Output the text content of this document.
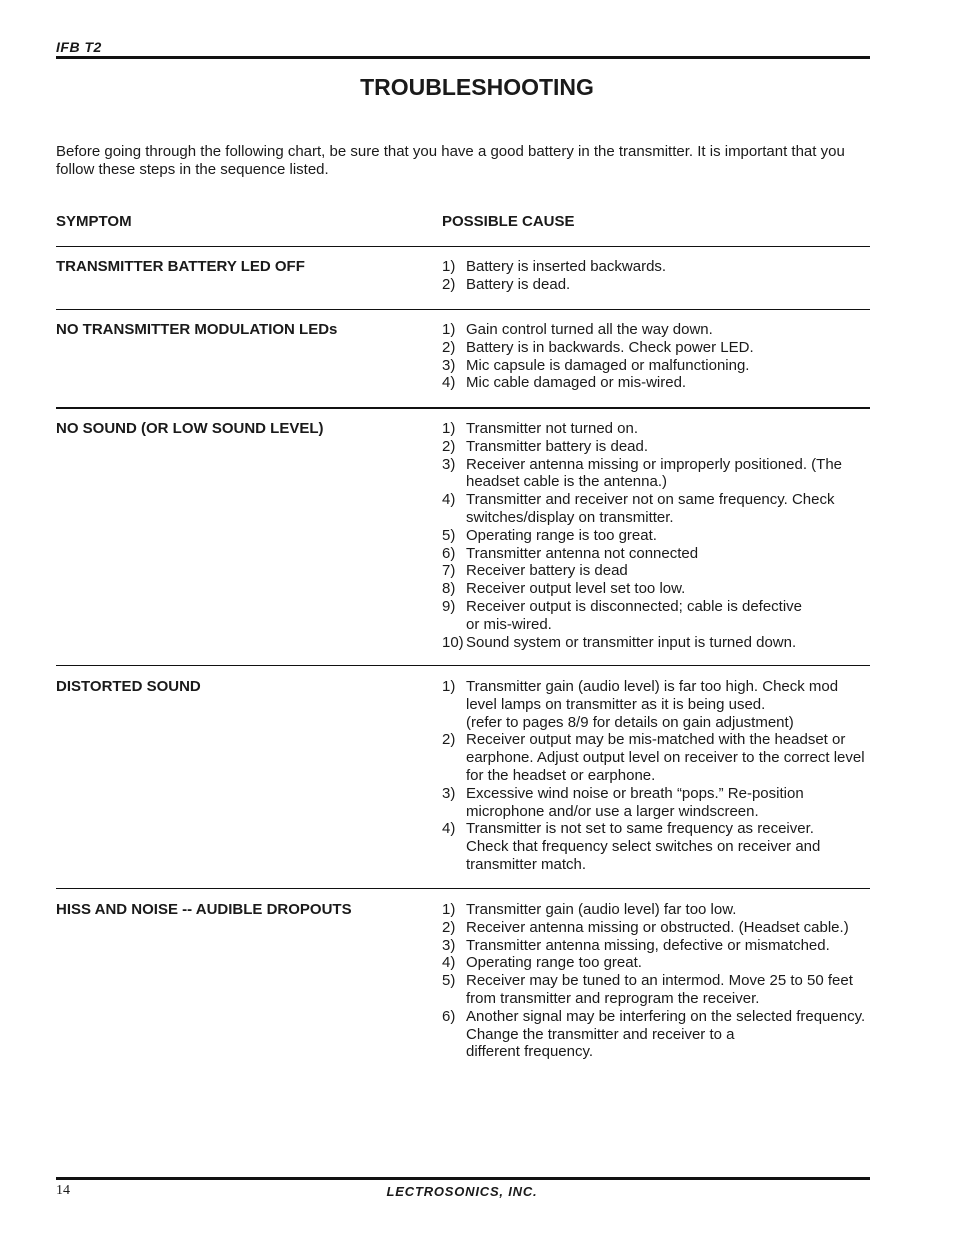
IFB T2
TROUBLESHOOTING
Before going through the following chart, be sure that you have a good battery in the transmitter. It is important that you follow these steps in the sequence listed.
SYMPTOM	POSSIBLE CAUSE
TRANSMITTER BATTERY LED OFF	1) Battery is inserted backwards.
2) Battery is dead.
NO TRANSMITTER MODULATION LEDs	1) Gain control turned all the way down.
2) Battery is in backwards. Check power LED.
3) Mic capsule is damaged or malfunctioning.
4) Mic cable damaged or mis-wired.
NO SOUND (OR LOW SOUND LEVEL)	1) Transmitter not turned on.
2) Transmitter battery is dead.
3) Receiver antenna missing or improperly positioned. (The headset cable is the antenna.)
4) Transmitter and receiver not on same frequency. Check switches/display on transmitter.
5) Operating range is too great.
6) Transmitter antenna not connected
7) Receiver battery is dead
8) Receiver output level set too low.
9) Receiver output is disconnected; cable is defective
or mis-wired.
10) Sound system or transmitter input is turned down.
DISTORTED SOUND	1) Transmitter gain (audio level) is far too high. Check mod level lamps on transmitter as it is being used.
(refer to pages 8/9 for details on gain adjustment)
2) Receiver output may be mis-matched with the headset or earphone. Adjust output level on receiver to the correct level for the headset or earphone.
3) Excessive wind noise or breath “pops.” Re-position microphone and/or use a larger windscreen.
4) Transmitter is not set to same frequency as receiver.
Check that frequency select switches on receiver and transmitter match.
HISS AND NOISE -- AUDIBLE DROPOUTS	1) Transmitter gain (audio level) far too low.
2) Receiver antenna missing or obstructed. (Headset cable.)
3) Transmitter antenna missing, defective or mismatched.
4) Operating range too great.
5) Receiver may be tuned to an intermod. Move 25 to 50 feet from transmitter and reprogram the receiver.
6) Another signal may be interfering on the selected frequency. Change the transmitter and receiver to a
different frequency.
14	LECTROSONICS, INC.
